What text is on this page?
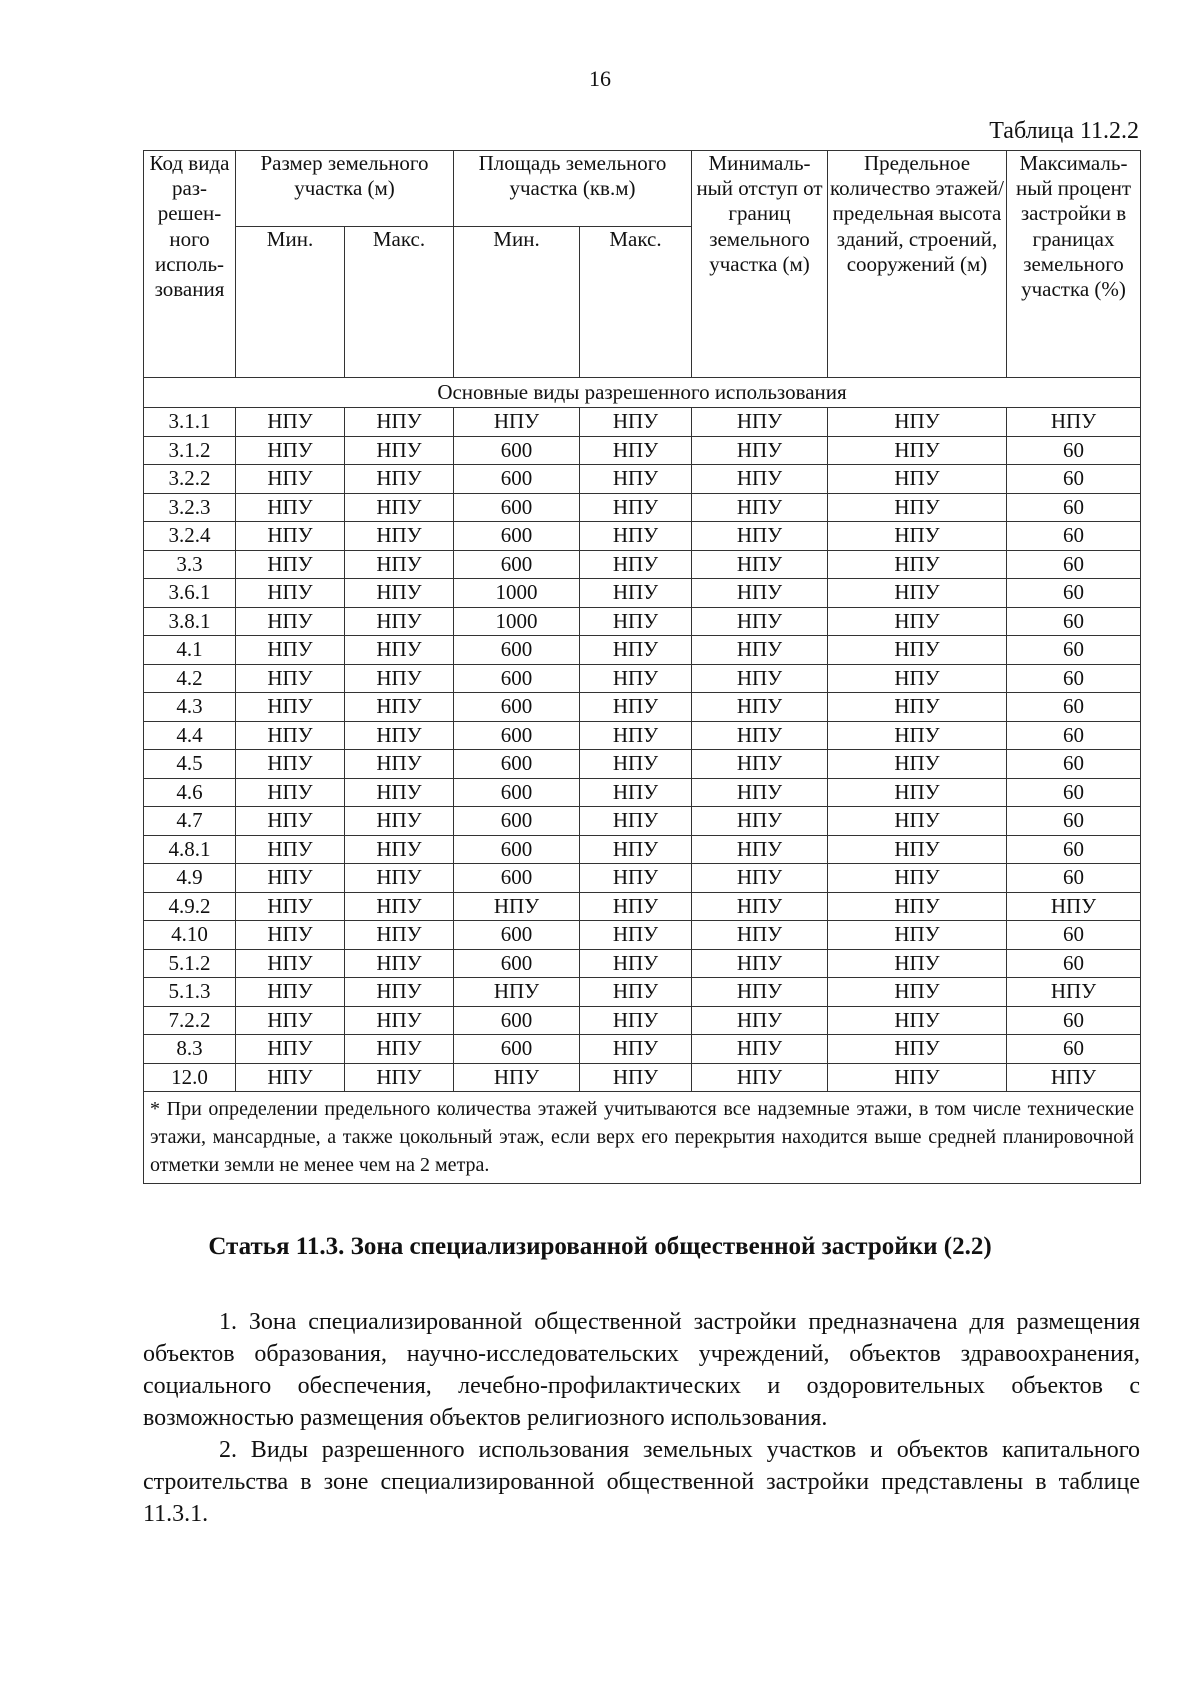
16
Таблица 11.2.2
Код вида раз-решен-ного исполь-зования	Размер земельного участка (м)		Площадь земельного участка (кв.м)		Минималь-ный отступ от границ земельного участка (м)	Предельное количество этажей/ предельная высота зданий, строений, сооружений (м)	Максималь-ный процент застройки в границах земельного участка (%)
	Мин.	Макс.	Мин.	Макс.			
Основные виды разрешенного использования							
3.1.1	НПУ	НПУ	НПУ	НПУ	НПУ	НПУ	НПУ
3.1.2	НПУ	НПУ	600	НПУ	НПУ	НПУ	60
3.2.2	НПУ	НПУ	600	НПУ	НПУ	НПУ	60
3.2.3	НПУ	НПУ	600	НПУ	НПУ	НПУ	60
3.2.4	НПУ	НПУ	600	НПУ	НПУ	НПУ	60
3.3	НПУ	НПУ	600	НПУ	НПУ	НПУ	60
3.6.1	НПУ	НПУ	1000	НПУ	НПУ	НПУ	60
3.8.1	НПУ	НПУ	1000	НПУ	НПУ	НПУ	60
4.1	НПУ	НПУ	600	НПУ	НПУ	НПУ	60
4.2	НПУ	НПУ	600	НПУ	НПУ	НПУ	60
4.3	НПУ	НПУ	600	НПУ	НПУ	НПУ	60
4.4	НПУ	НПУ	600	НПУ	НПУ	НПУ	60
4.5	НПУ	НПУ	600	НПУ	НПУ	НПУ	60
4.6	НПУ	НПУ	600	НПУ	НПУ	НПУ	60
4.7	НПУ	НПУ	600	НПУ	НПУ	НПУ	60
4.8.1	НПУ	НПУ	600	НПУ	НПУ	НПУ	60
4.9	НПУ	НПУ	600	НПУ	НПУ	НПУ	60
4.9.2	НПУ	НПУ	НПУ	НПУ	НПУ	НПУ	НПУ
4.10	НПУ	НПУ	600	НПУ	НПУ	НПУ	60
5.1.2	НПУ	НПУ	600	НПУ	НПУ	НПУ	60
5.1.3	НПУ	НПУ	НПУ	НПУ	НПУ	НПУ	НПУ
7.2.2	НПУ	НПУ	600	НПУ	НПУ	НПУ	60
8.3	НПУ	НПУ	600	НПУ	НПУ	НПУ	60
12.0	НПУ	НПУ	НПУ	НПУ	НПУ	НПУ	НПУ
* При определении предельного количества этажей учитываются все надземные этажи, в том числе технические этажи, мансардные, а также цокольный этаж, если верх его перекрытия находится выше средней планировочной отметки земли не менее чем на 2 метра.							
Статья 11.3. Зона специализированной общественной застройки (2.2)

1. Зона специализированной общественной застройки предназначена для размещения объектов образования, научно-исследовательских учреждений, объектов здравоохранения, социального обеспечения, лечебно-профилактических и оздоровительных объектов с возможностью размещения объектов религиозного использования.

2. Виды разрешенного использования земельных участков и объектов капитального строительства в зоне специализированной общественной застройки представлены в таблице 11.3.1.
